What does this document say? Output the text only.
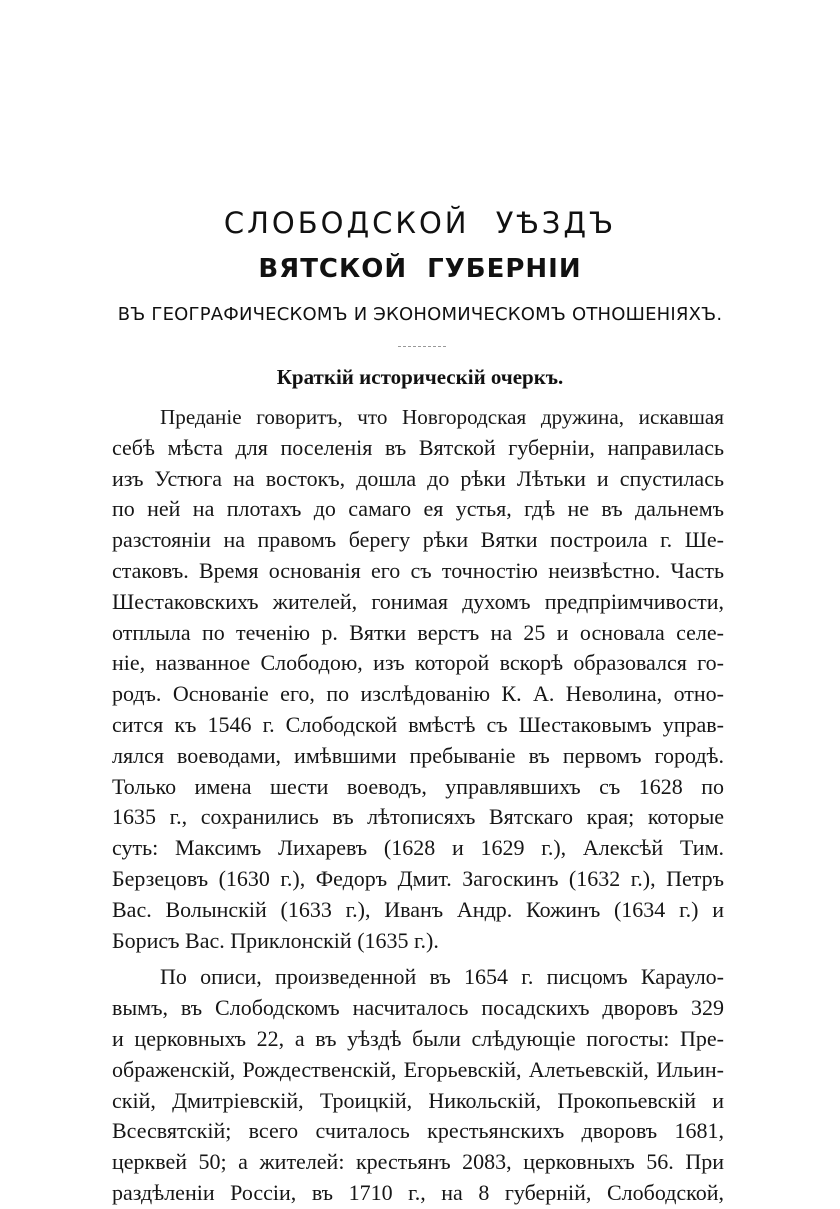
СЛОБОДСКОЙ УѢЗДЪ
ВЯТСКОЙ ГУБЕРНІИ
ВЪ ГЕОГРАФИЧЕСКОМЪ И ЭКОНОМИЧЕСКОМЪ ОТНОШЕНІЯХЪ.
Краткій историческій очеркъ.

Преданіе говоритъ, что Новгородская дружина, искавшая
себѣ мѣста для поселенія въ Вятской губерніи, направилась
изъ Устюга на востокъ, дошла до рѣки Лѣтьки и спустилась
по ней на плотахъ до самаго ея устья, гдѣ не въ дальнемъ
разстояніи на правомъ берегу рѣки Вятки построила г. Ше-
стаковъ. Время основанія его съ точностію неизвѣстно. Часть
Шестаковскихъ жителей, гонимая духомъ предпріимчивости,
отплыла по теченію р. Вятки верстъ на 25 и основала селе-
ніе, названное Слободою, изъ которой вскорѣ образовался го-
родъ. Основаніе его, по изслѣдованію К. А. Неволина, отно-
сится къ 1546 г. Слободской вмѣстѣ съ Шестаковымъ управ-
лялся воеводами, имѣвшими пребываніе въ первомъ городѣ.
Только имена шести воеводъ, управлявшихъ съ 1628 по
1635 г., сохранились въ лѣтописяхъ Вятскаго края; которые
суть: Максимъ Лихаревъ (1628 и 1629 г.), Алексѣй Тим.
Берзецовъ (1630 г.), Федоръ Дмит. Загоскинъ (1632 г.), Петръ
Вас. Волынскій (1633 г.), Иванъ Андр. Кожинъ (1634 г.) и
Борисъ Вас. Приклонскій (1635 г.).

По описи, произведенной въ 1654 г. писцомъ Караулo-
вымъ, въ Слободскомъ насчиталось посадскихъ дворовъ 329
и церковныхъ 22, а въ уѣздѣ были слѣдующіе погосты: Пре-
ображенскій, Рождественскій, Егорьевскій, Алетьевскій, Ильин-
скій, Дмитріевскій, Троицкій, Никольскій, Прокопьевскій и
Всесвятскій; всего считалось крестьянскихъ дворовъ 1681,
церквей 50; а жителей: крестьянъ 2083, церковныхъ 56. При
раздѣленіи Россіи, въ 1710 г., на 8 губерній, Слободской,
